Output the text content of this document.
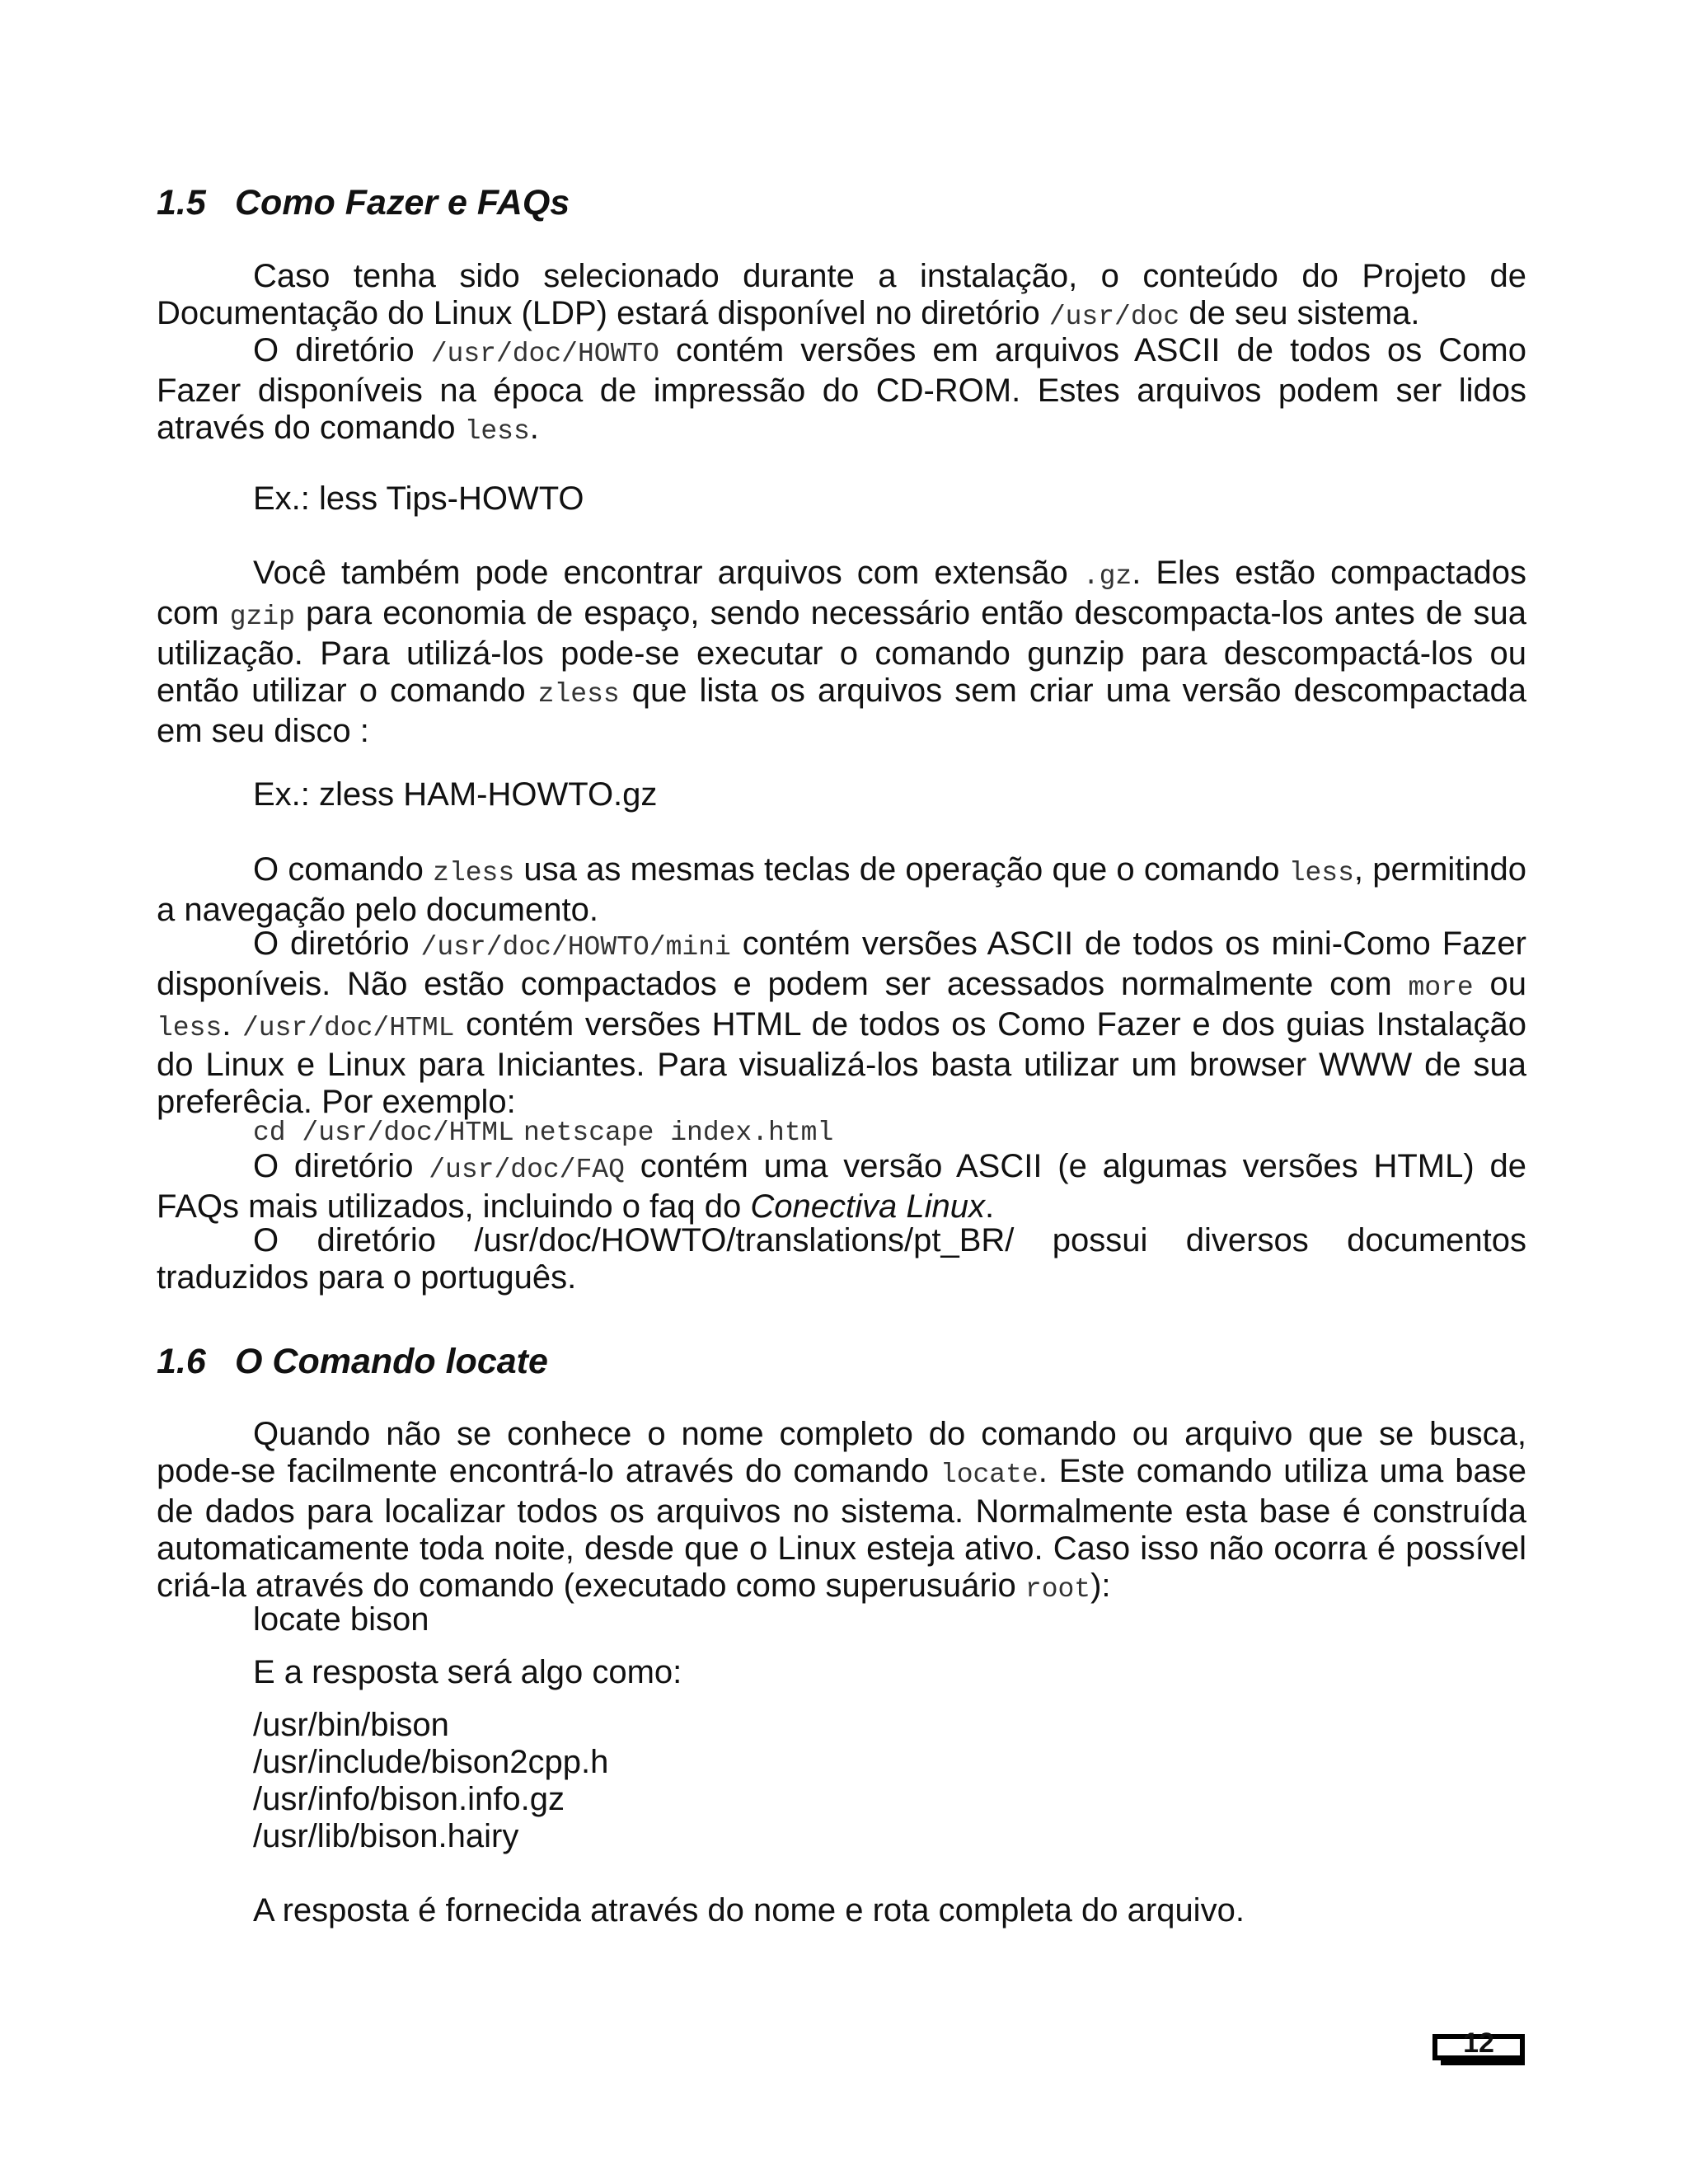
1.5 Como Fazer e FAQs
Caso tenha sido selecionado durante a instalação, o conteúdo do Projeto de Documentação do Linux (LDP) estará disponível no diretório /usr/doc de seu sistema.
O diretório /usr/doc/HOWTO contém versões em arquivos ASCII de todos os Como Fazer disponíveis na época de impressão do CD-ROM. Estes arquivos podem ser lidos através do comando less.
Ex.: less Tips-HOWTO
Você também pode encontrar arquivos com extensão .gz. Eles estão compactados com gzip para economia de espaço, sendo necessário então descompacta-los antes de sua utilização. Para utilizá-los pode-se executar o comando gunzip para descompactá-los ou então utilizar o comando zless que lista os arquivos sem criar uma versão descompactada em seu disco :
Ex.: zless HAM-HOWTO.gz
O comando zless usa as mesmas teclas de operação que o comando less, permitindo a navegação pelo documento.
O diretório /usr/doc/HOWTO/mini contém versões ASCII de todos os mini-Como Fazer disponíveis. Não estão compactados e podem ser acessados normalmente com more ou less. /usr/doc/HTML contém versões HTML de todos os Como Fazer e dos guias Instalação do Linux e Linux para Iniciantes. Para visualizá-los basta utilizar um browser WWW de sua preferêcia. Por exemplo:
cd /usr/doc/HTML netscape index.html
O diretório /usr/doc/FAQ contém uma versão ASCII (e algumas versões HTML) de FAQs mais utilizados, incluindo o faq do Conectiva Linux.
O diretório /usr/doc/HOWTO/translations/pt_BR/ possui diversos documentos traduzidos para o português.
1.6 O Comando locate
Quando não se conhece o nome completo do comando ou arquivo que se busca, pode-se facilmente encontrá-lo através do comando locate. Este comando utiliza uma base de dados para localizar todos os arquivos no sistema. Normalmente esta base é construída automaticamente toda noite, desde que o Linux esteja ativo. Caso isso não ocorra é possível criá-la através do comando (executado como superusuário root):
locate bison
E a resposta será algo como:
/usr/bin/bison
/usr/include/bison2cpp.h
/usr/info/bison.info.gz
/usr/lib/bison.hairy
A resposta é fornecida através do nome e rota completa do arquivo.
12
